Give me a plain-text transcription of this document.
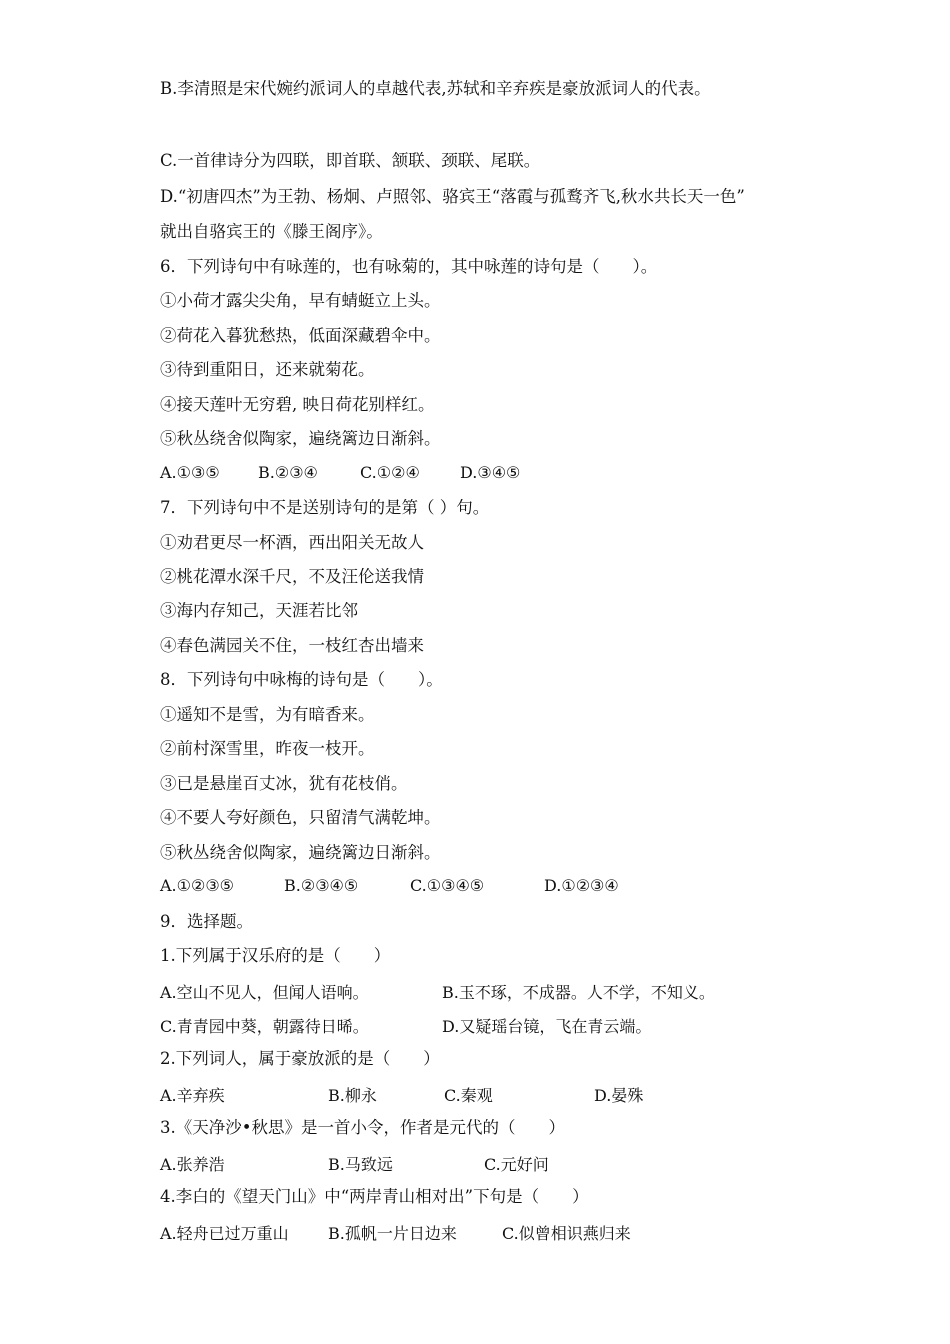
B.李清照是宋代婉约派词人的卓越代表,苏轼和辛弃疾是豪放派词人的代表。
C.一首律诗分为四联，即首联、颔联、颈联、尾联。
D.“初唐四杰”为王勃、杨炯、卢照邻、骆宾王“落霞与孤鹜齐飞,秋水共长天一色”
就出自骆宾王的《滕王阁序》。
6．下列诗句中有咏莲的，也有咏菊的，其中咏莲的诗句是（　　）。
①小荷才露尖尖角，早有蜻蜓立上头。
②荷花入暮犹愁热，低面深藏碧伞中。
③待到重阳日，还来就菊花。
④接天莲叶无穷碧, 映日荷花别样红。
⑤秋丛绕舍似陶家，遍绕篱边日渐斜。
A.①③⑤ B.②③④	C.①②④	D.③④⑤
7．下列诗句中不是送别诗句的是第（ ）句。
①劝君更尽一杯酒，西出阳关无故人
②桃花潭水深千尺，不及汪伦送我情
③海内存知己，天涯若比邻
④春色满园关不住，一枝红杏出墙来
8．下列诗句中咏梅的诗句是（　　）。
①遥知不是雪，为有暗香来。
②前村深雪里，昨夜一枝开。
③已是悬崖百丈冰，犹有花枝俏。
④不要人夸好颜色，只留清气满乾坤。
⑤秋丛绕舍似陶家，遍绕篱边日渐斜。
A.①②③⑤	B.②③④⑤	C.①③④⑤	D.①②③④
9．选择题。
1.下列属于汉乐府的是（　　）
A.空山不见人，但闻人语响。	B.玉不琢，不成器。人不学，不知义。
C.青青园中葵，朝露待日晞。	D.又疑瑶台镜，飞在青云端。
2.下列词人，属于豪放派的是（　　）
A.辛弃疾	B.柳永	C.秦观	D.晏殊
3.《天净沙•秋思》是一首小令，作者是元代的（　　）
A.张养浩	B.马致远	C.元好问
4.李白的《望天门山》中“两岸青山相对出”下句是（　　）
A.轻舟已过万重山 B.孤帆一片日边来	C.似曾相识燕归来
